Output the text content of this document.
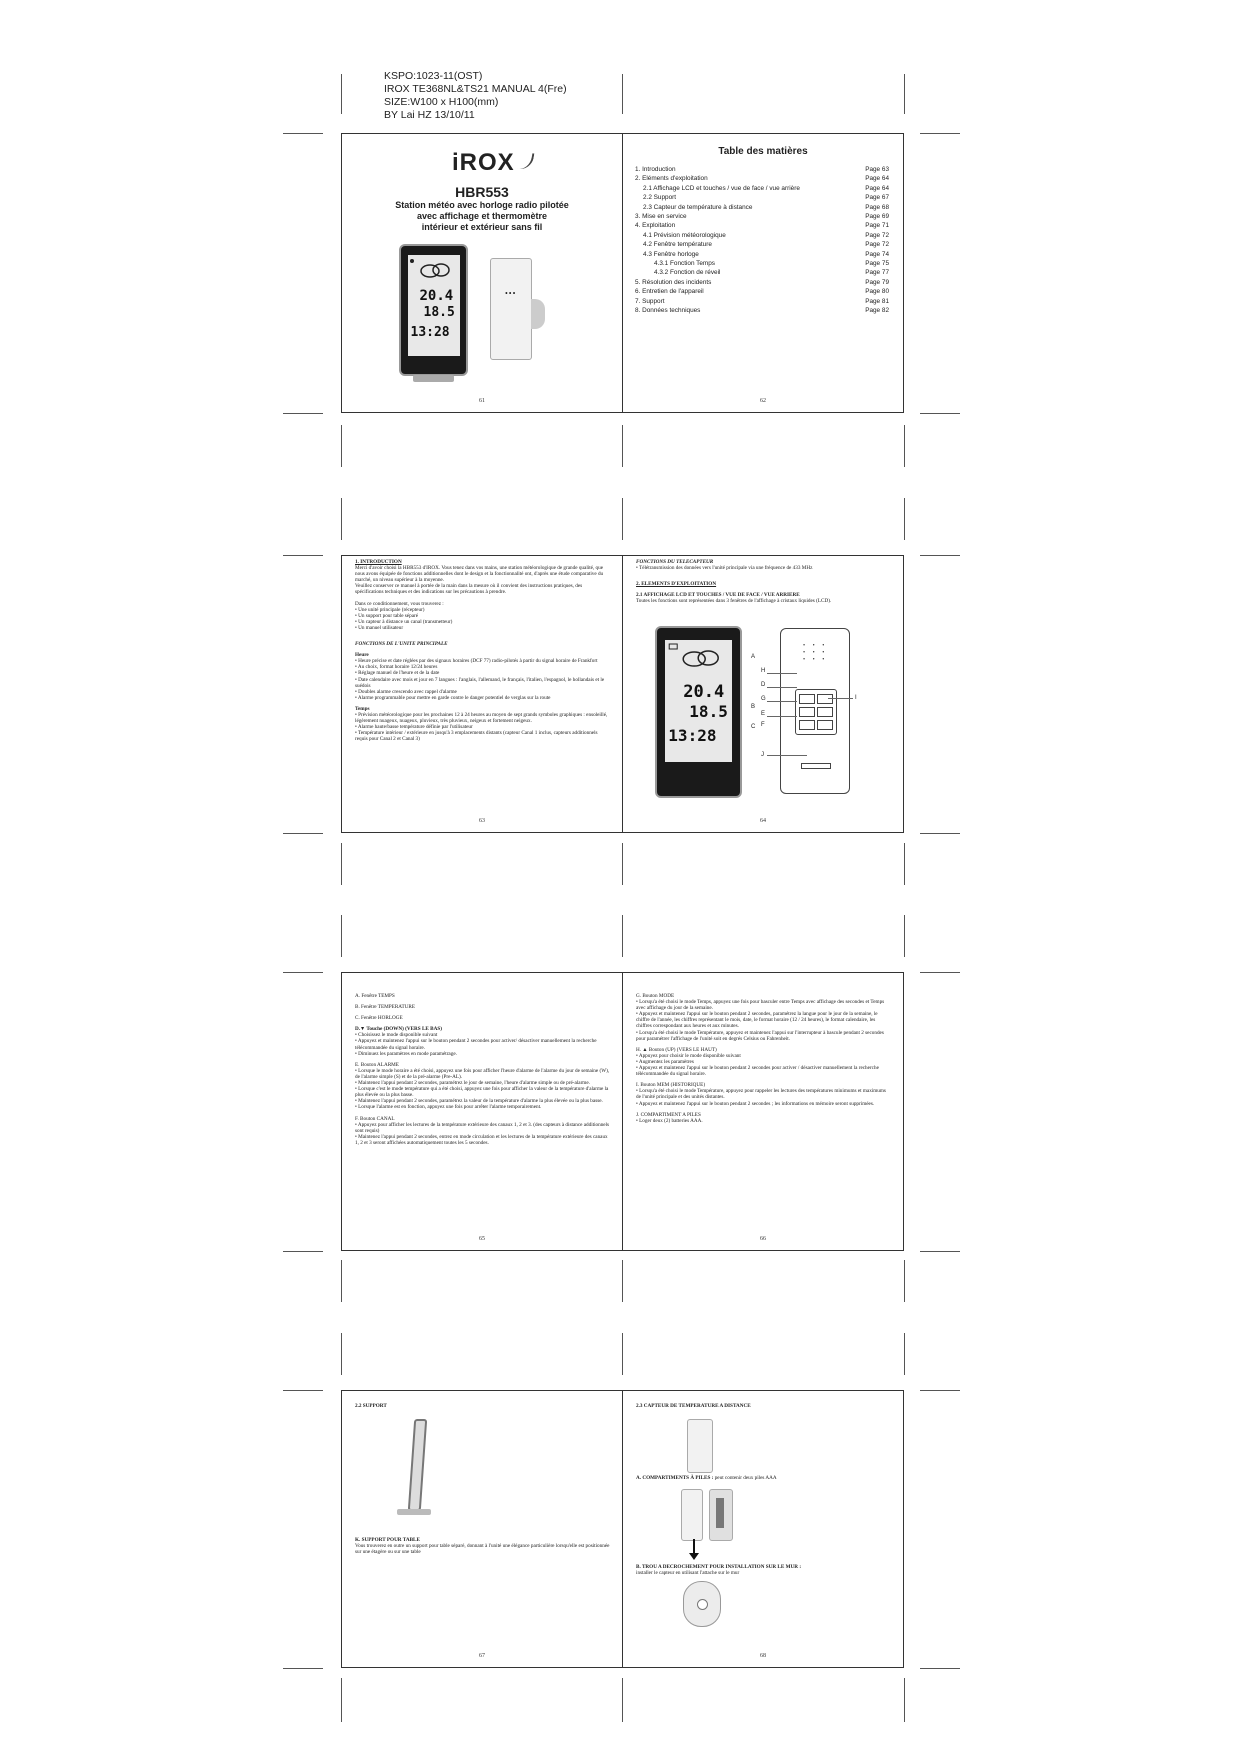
KSPO:1023-11(OST)
IROX TE368NL&TS21 MANUAL 4(Fre)
SIZE:W100 x H100(mm)
BY Lai HZ 13/10/11
iROX
HBR553
Station météo avec horloge radio pilotée
avec affichage et thermomètre
intérieur et extérieur sans fil
20.4
18.5
13:28
•••
61
Table des matières
1. Introduction	Page 63
2. Eléments d'exploitation	Page 64
2.1 Affichage LCD et touches / vue de face / vue arrière	Page 64
2.2 Support	Page 67
2.3 Capteur de température à distance	Page 68
3. Mise en service	Page 69
4. Exploitation	Page 71
4.1 Prévision météorologique	Page 72
4.2 Fenêtre température	Page 72
4.3 Fenêtre horloge	Page 74
4.3.1 Fonction Temps	Page 75
4.3.2 Fonction de réveil	Page 77
5. Résolution des incidents	Page 79
6. Entretien de l'appareil	Page 80
7. Support	Page 81
8. Données techniques	Page 82
62
1. INTRODUCTION
Merci d'avoir choisi la HBR553 d'IROX. Vous tenez dans vos mains, une station météorologique de grande qualité, que nous avons équipée de fonctions additionnelles dont le design et la fonctionnalité ont, d'après une étude comparative du marché, un niveau supérieur à la moyenne.
Veuillez conserver ce manuel à portée de la main dans la mesure où il convient des instructions pratiques, des spécifications techniques et des indications sur les précautions à prendre.
Dans ce conditionnement, vous trouverez :
• Une unité principale (récepteur)
• Un support pour table séparé
• Un capteur à distance un canal (transmetteur)
• Un manuel utilisateur
FONCTIONS DE L'UNITE PRINCIPALE
Heure
• Heure précise et date réglées par des signaux horaires (DCF 77) radio-pilotés à partir du signal horaire de Frankfort
• Au choix, format horaire 12/24 heures
• Réglage manuel de l'heure et de la date
• Date calendaire avec mois et jour en 7 langues : l'anglais, l'allemand, le français, l'italien, l'espagnol, le hollandais et le suédois
• Doubles alarme crescendo avec rappel d'alarme
• Alarme programmable pour mettre en garde contre le danger potentiel de verglas sur la route
Temps
• Prévision météorologique pour les prochaines 12 à 24 heures au moyen de sept grands symboles graphiques : ensoleillé, légèrement nuageux, nuageux, pluvieux, très pluvieux, neigeux et fortement neigeux.
• Alarme haute/basse température définie par l'utilisateur
• Température intérieur / extérieure en jusqu'à 3 emplacements distants (capteur Canal 1 inclus, capteurs additionnels requis pour Canal 2 et Canal 3)
63
FONCTIONS DU TELECAPTEUR
• Télétransmission des données vers l'unité principale via une fréquence de 433 MHz
2. ELEMENTS D'EXPLOITATION
2.1 AFFICHAGE LCD ET TOUCHES / VUE DE FACE / VUE ARRIERE
Toutes les fonctions sont représentées dans 3 fenêtres de l'affichage à cristaux liquides (LCD).
20.4
18.5
13:28
• • •
• • •
• • •
A
H
D
G
B
E
C F
I
J
64
A. Fenêtre TEMPS
B. Fenêtre TEMPERATURE
C. Fenêtre HORLOGE
D.▼ Touche (DOWN) (VERS LE BAS)
• Choisissez le mode disponible suivant
• Appuyez et maintenez l'appui sur le bouton pendant 2 secondes pour activer/ désactiver manuellement la recherche télécommandée du signal horaire.
• Diminuez les paramètres en mode paramétrage.
E. Bouton ALARME
• Lorsque le mode horaire a été choisi, appuyez une fois pour afficher l'heure d'alarme de l'alarme du jour de semaine (W), de l'alarme simple (S) et de la pré-alarme (Pre-AL).
• Maintenez l'appui pendant 2 secondes, paramétrez le jour de semaine, l'heure d'alarme simple ou de pré-alarme.
• Lorsque c'est le mode température qui a été choisi, appuyez une fois pour afficher la valeur de la température d'alarme la plus élevée ou la plus basse.
• Maintenez l'appui pendant 2 secondes, paramétrez la valeur de la température d'alarme la plus élevée ou la plus basse.
• Lorsque l'alarme est en fonction, appuyez une fois pour arrêter l'alarme temporairement.
F. Bouton CANAL
• Appuyez pour afficher les lectures de la température extérieure des canaux 1, 2 et 3. (des capteurs à distance additionnels sont requis)
• Maintenez l'appui pendant 2 secondes, entrez en mode circulation et les lectures de la température extérieure des canaux 1, 2 et 3 seront affichées automatiquement toutes les 5 secondes.
65
G. Bouton MODE
• Lorsqu'a été choisi le mode Temps, appuyez une fois pour basculer entre Temps avec affichage des secondes et Temps avec affichage du jour de la semaine.
• Appuyez et maintenez l'appui sur le bouton pendant 2 secondes, paramétrez la langue pour le jour de la semaine, le chiffre de l'année, les chiffres représentant le mois, date, le format horaire (12 / 24 heures), le format calendaire, les chiffres correspondant aux heures et aux minutes.
• Lorsqu'a été choisi le mode Température, appuyez et maintenez l'appui sur l'interrupteur à bascule pendant 2 secondes pour paramétrer l'affichage de l'unité soit en degrés Celsius ou Fahrenheit.
H. ▲ Bouton (UP) (VERS LE HAUT)
• Appuyez pour choisir le mode disponible suivant
• Augmentez les paramètres
• Appuyez et maintenez l'appui sur le bouton pendant 2 secondes pour activer / désactiver manuellement la recherche télécommandée du signal horaire.
I. Bouton MEM (HISTORIQUE)
• Lorsqu'a été choisi le mode Température, appuyez pour rappeler les lectures des températures minimums et maximums de l'unité principale et des unités distantes.
• Appuyez et maintenez l'appui sur le bouton pendant 2 secondes ; les informations en mémoire seront supprimées.
J. COMPARTIMENT A PILES
• Loger deux (2) batteries AAA.
66
2.2 SUPPORT
K. SUPPORT POUR TABLE
Vous trouverez en outre un support pour table séparé, donnant à l'unité une élégance particulière lorsqu'elle est positionnée sur une étagère ou sur une table
67
2.3 CAPTEUR DE TEMPERATURE A DISTANCE
A. COMPARTIMENTS À PILES : peut contenir deux piles AAA
B. TROU A DECROCHEMENT POUR INSTALLATION SUR LE MUR :
installer le capteur en utilisant l'attache sur le mur
68
